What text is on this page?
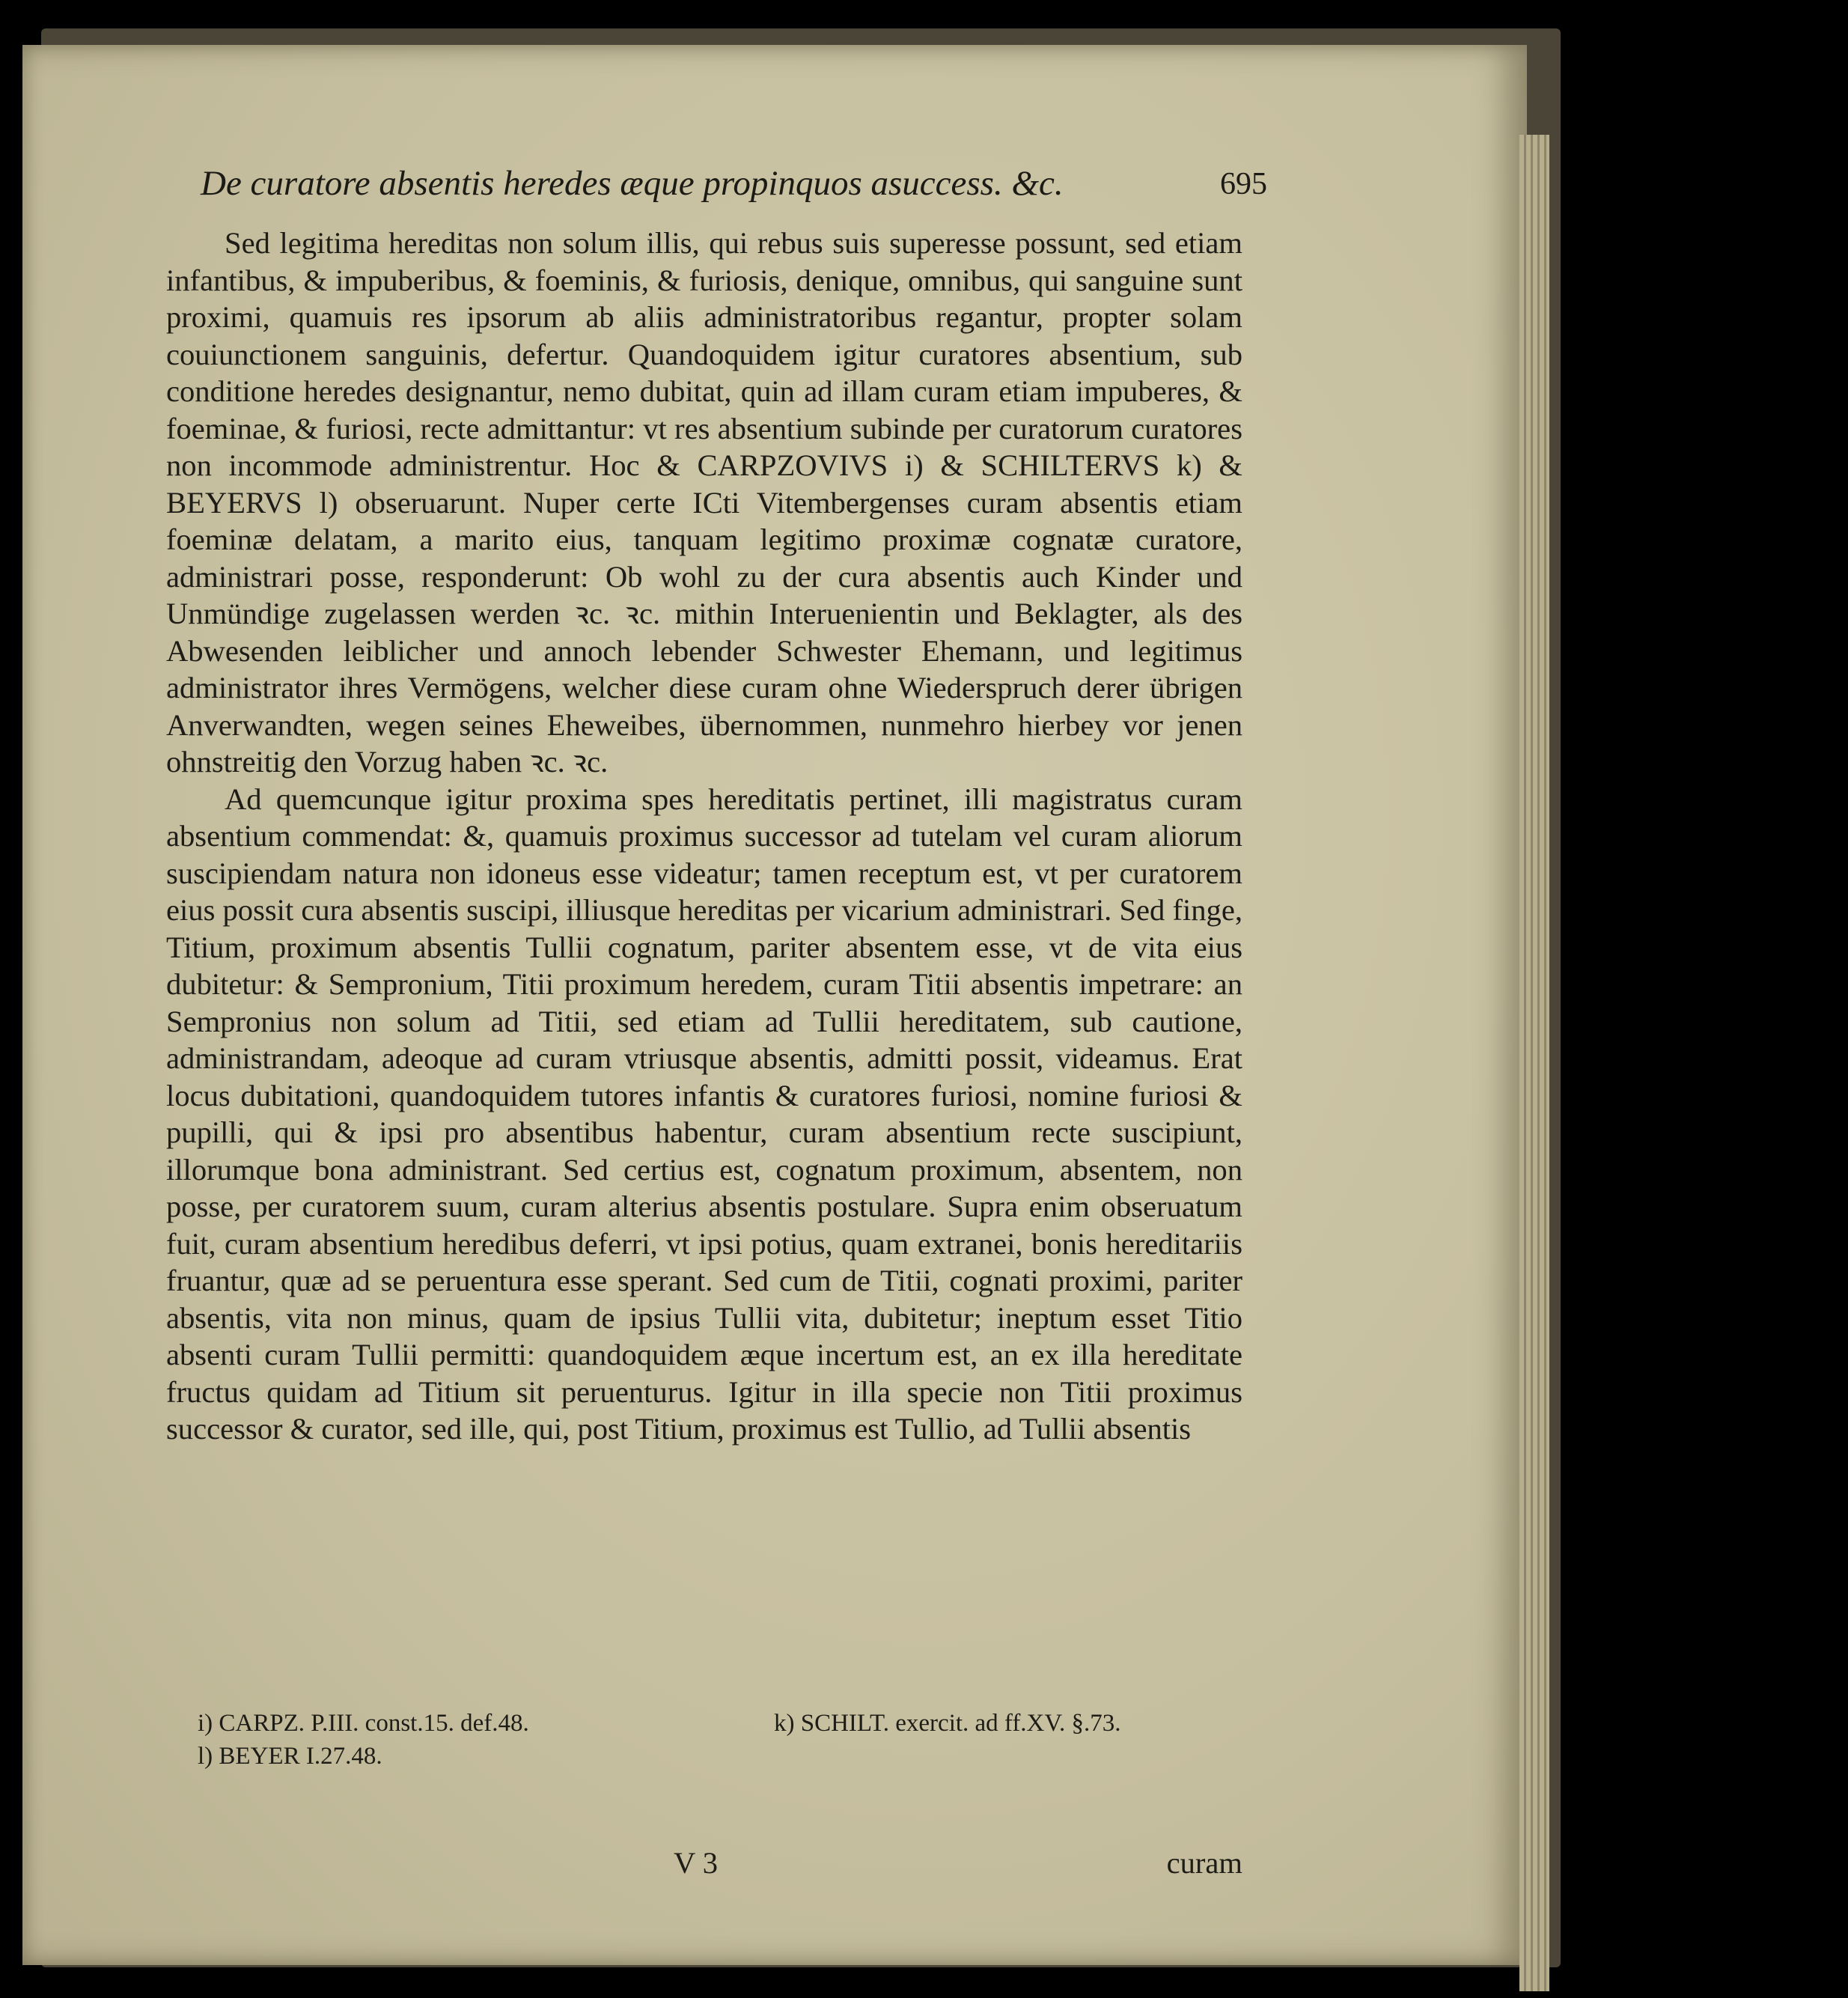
De curatore absentis heredes æque propinquos asuccess. &c.	695

Sed legitima hereditas non solum illis, qui rebus suis superesse possunt, sed etiam infantibus, & impuberibus, & foeminis, & furiosis, denique, omnibus, qui sanguine sunt proximi, quamuis res ipsorum ab aliis administratoribus regantur, propter solam couiunctionem sanguinis, defertur. Quandoquidem igitur curatores absentium, sub conditione heredes designantur, nemo dubitat, quin ad illam curam etiam impuberes, & foeminae, & furiosi, recte admittantur: vt res absentium subinde per curatorum curatores non incommode administrentur. Hoc & CARPZOVIVS i) & SCHILTERVS k) & BEYERVS l) obseruarunt. Nuper certe ICti Vitembergenses curam absentis etiam foeminæ delatam, a marito eius, tanquam legitimo proximæ cognatæ curatore, administrari posse, responderunt: Ob wohl zu der cura absentis auch Kinder und Unmündige zugelassen werden ꝛc. ꝛc. mithin Interuenientin und Beklagter, als des Abwesenden leiblicher und annoch lebender Schwester Ehemann, und legitimus administrator ihres Vermögens, welcher diese curam ohne Wiederspruch derer übrigen Anverwandten, wegen seines Eheweibes, übernommen, nunmehro hierbey vor jenen ohnstreitig den Vorzug haben ꝛc. ꝛc.

Ad quemcunque igitur proxima spes hereditatis pertinet, illi magistratus curam absentium commendat: &, quamuis proximus successor ad tutelam vel curam aliorum suscipiendam natura non idoneus esse videatur; tamen receptum est, vt per curatorem eius possit cura absentis suscipi, illiusque hereditas per vicarium administrari. Sed finge, Titium, proximum absentis Tullii cognatum, pariter absentem esse, vt de vita eius dubitetur: & Sempronium, Titii proximum heredem, curam Titii absentis impetrare: an Sempronius non solum ad Titii, sed etiam ad Tullii hereditatem, sub cautione, administrandam, adeoque ad curam vtriusque absentis, admitti possit, videamus. Erat locus dubitationi, quandoquidem tutores infantis & curatores furiosi, nomine furiosi & pupilli, qui & ipsi pro absentibus habentur, curam absentium recte suscipiunt, illorumque bona administrant. Sed certius est, cognatum proximum, absentem, non posse, per curatorem suum, curam alterius absentis postulare. Supra enim obseruatum fuit, curam absentium heredibus deferri, vt ipsi potius, quam extranei, bonis hereditariis fruantur, quæ ad se peruentura esse sperant. Sed cum de Titii, cognati proximi, pariter absentis, vita non minus, quam de ipsius Tullii vita, dubitetur; ineptum esset Titio absenti curam Tullii permitti: quandoquidem æque incertum est, an ex illa hereditate fructus quidam ad Titium sit peruenturus. Igitur in illa specie non Titii proximus successor & curator, sed ille, qui, post Titium, proximus est Tullio, ad Tullii absentis

V 3	curam
i) CARPZ. P.III. const.15. def.48.	k) SCHILT. exercit. ad ff.XV. §.73.
l) BEYER I.27.48.
